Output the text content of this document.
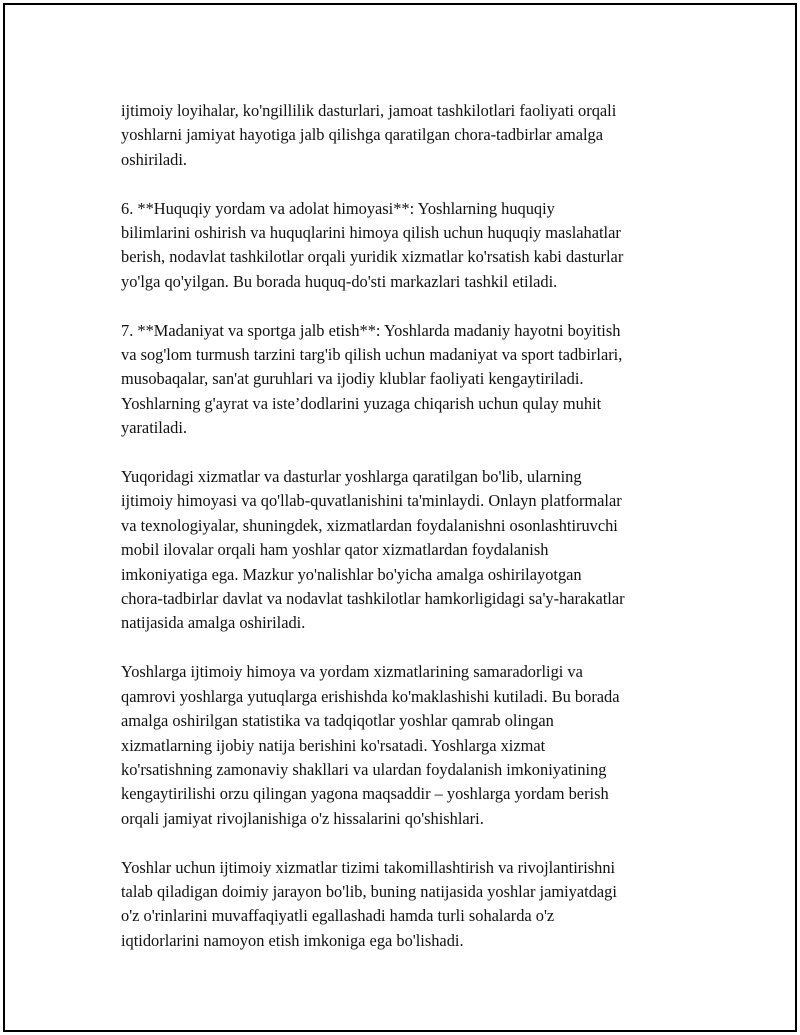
ijtimoiy loyihalar, ko'ngillilik dasturlari, jamoat tashkilotlari faoliyati orqali
yoshlarni jamiyat hayotiga jalb qilishga qaratilgan chora-tadbirlar amalga
oshiriladi.

6. **Huquqiy yordam va adolat himoyasi**: Yoshlarning huquqiy
bilimlarini oshirish va huquqlarini himoya qilish uchun huquqiy maslahatlar
berish, nodavlat tashkilotlar orqali yuridik xizmatlar ko'rsatish kabi dasturlar
yo'lga qo'yilgan. Bu borada huquq-do'sti markazlari tashkil etiladi.

7. **Madaniyat va sportga jalb etish**: Yoshlarda madaniy hayotni boyitish
va sog'lom turmush tarzini targ'ib qilish uchun madaniyat va sport tadbirlari,
musobaqalar, san'at guruhlari va ijodiy klublar faoliyati kengaytiriladi.
Yoshlarning g'ayrat va iste’dodlarini yuzaga chiqarish uchun qulay muhit
yaratiladi.

Yuqoridagi xizmatlar va dasturlar yoshlarga qaratilgan bo'lib, ularning
ijtimoiy himoyasi va qo'llab-quvatlanishini ta'minlaydi. Onlayn platformalar
va texnologiyalar, shuningdek, xizmatlardan foydalanishni osonlashtiruvchi
mobil ilovalar orqali ham yoshlar qator xizmatlardan foydalanish
imkoniyatiga ega. Mazkur yo'nalishlar bo'yicha amalga oshirilayotgan
chora-tadbirlar davlat va nodavlat tashkilotlar hamkorligidagi sa'y-harakatlar
natijasida amalga oshiriladi.

Yoshlarga ijtimoiy himoya va yordam xizmatlarining samaradorligi va
qamrovi yoshlarga yutuqlarga erishishda ko'maklashishi kutiladi. Bu borada
amalga oshirilgan statistika va tadqiqotlar yoshlar qamrab olingan
xizmatlarning ijobiy natija berishini ko'rsatadi. Yoshlarga xizmat
ko'rsatishning zamonaviy shakllari va ulardan foydalanish imkoniyatining
kengaytirilishi orzu qilingan yagona maqsaddir – yoshlarga yordam berish
orqali jamiyat rivojlanishiga o'z hissalarini qo'shishlari.

Yoshlar uchun ijtimoiy xizmatlar tizimi takomillashtirish va rivojlantirishni
talab qiladigan doimiy jarayon bo'lib, buning natijasida yoshlar jamiyatdagi
o'z o'rinlarini muvaffaqiyatli egallashadi hamda turli sohalarda o'z
iqtidorlarini namoyon etish imkoniga ega bo'lishadi.
